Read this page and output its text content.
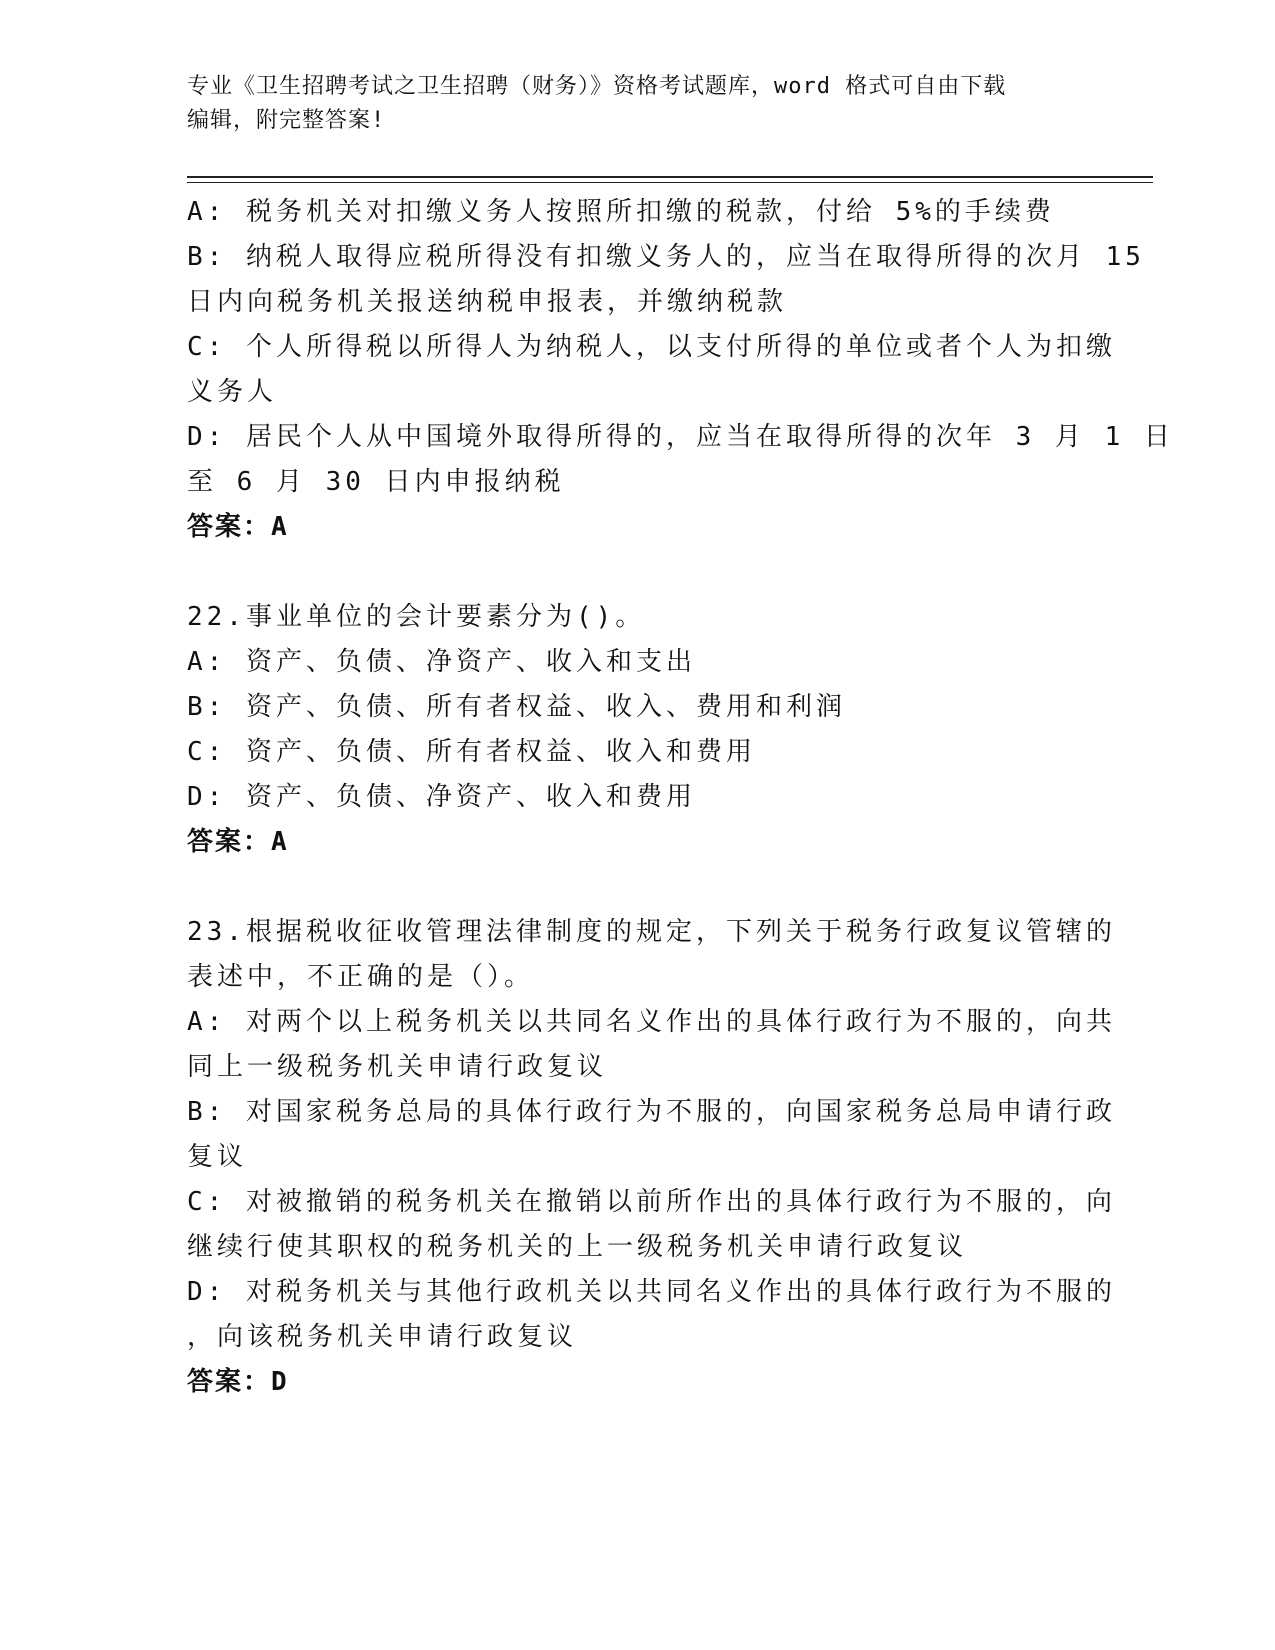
专业《卫生招聘考试之卫生招聘（财务）》资格考试题库，word 格式可自由下载
编辑，附完整答案!
A: 税务机关对扣缴义务人按照所扣缴的税款，付给 5%的手续费
B: 纳税人取得应税所得没有扣缴义务人的，应当在取得所得的次月 15
日内向税务机关报送纳税申报表，并缴纳税款
C: 个人所得税以所得人为纳税人，以支付所得的单位或者个人为扣缴
义务人
D: 居民个人从中国境外取得所得的，应当在取得所得的次年 3 月 1 日
至 6 月 30 日内申报纳税
答案：A
22.事业单位的会计要素分为()。
A: 资产、负债、净资产、收入和支出
B: 资产、负债、所有者权益、收入、费用和利润
C: 资产、负债、所有者权益、收入和费用
D: 资产、负债、净资产、收入和费用
答案：A
23.根据税收征收管理法律制度的规定，下列关于税务行政复议管辖的
表述中，不正确的是（）。
A: 对两个以上税务机关以共同名义作出的具体行政行为不服的，向共
同上一级税务机关申请行政复议
B: 对国家税务总局的具体行政行为不服的，向国家税务总局申请行政
复议
C: 对被撤销的税务机关在撤销以前所作出的具体行政行为不服的，向
继续行使其职权的税务机关的上一级税务机关申请行政复议
D: 对税务机关与其他行政机关以共同名义作出的具体行政行为不服的
，向该税务机关申请行政复议
答案：D
